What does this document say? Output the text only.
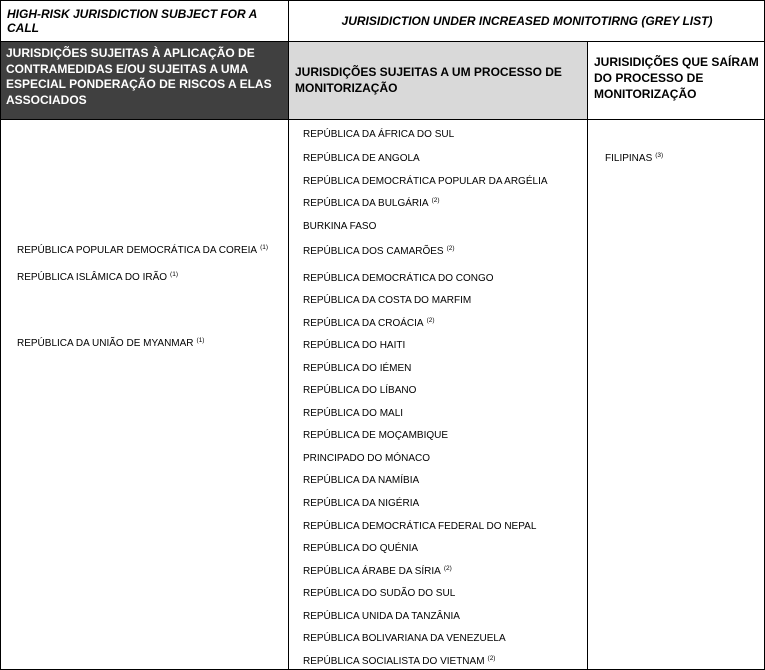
HIGH-RISK JURISDICTION SUBJECT FOR A CALL	JURISIDICTION UNDER INCREASED MONITOTIRNG (GREY LIST)
JURISDIÇÕES SUJEITAS À APLICAÇÃO DE CONTRAMEDIDAS E/OU SUJEITAS A UMA ESPECIAL PONDERAÇÃO DE RISCOS A ELAS ASSOCIADOS
JURISDIÇÕES SUJEITAS A UM PROCESSO DE MONITORIZAÇÃO
JURISIDIÇÕES QUE SAÍRAM DO PROCESSO DE MONITORIZAÇÃO
REPÚBLICA POPULAR DEMOCRÁTICA DA COREIA $^{(1)}$
REPÚBLICA ISLÂMICA DO IRÃO $^{(1)}$
REPÚBLICA DA UNIÃO DE MYANMAR $^{(1)}$
REPÚBLICA DA ÁFRICA DO SUL
REPÚBLICA DE ANGOLA
REPÚBLICA DEMOCRÁTICA POPULAR DA ARGÉLIA
REPÚBLICA DA BULGÁRIA $^{(2)}$
BURKINA FASO
REPÚBLICA DOS CAMARÕES $^{(2)}$
REPÚBLICA DEMOCRÁTICA DO CONGO
REPÚBLICA DA COSTA DO MARFIM
REPÚBLICA DA CROÁCIA $^{(2)}$
REPÚBLICA DO HAITI
REPÚBLICA DO IÉMEN
REPÚBLICA DO LÍBANO
REPÚBLICA DO MALI
REPÚBLICA DE MOÇAMBIQUE
PRINCIPADO DO MÓNACO
REPÚBLICA DA NAMÍBIA
REPÚBLICA DA NIGÉRIA
REPÚBLICA DEMOCRÁTICA FEDERAL DO NEPAL
REPÚBLICA DO QUÉNIA
REPÚBLICA ÁRABE DA SÍRIA $^{(2)}$
REPÚBLICA DO SUDÃO DO SUL
REPÚBLICA UNIDA DA TANZÂNIA
REPÚBLICA BOLIVARIANA DA VENEZUELA
REPÚBLICA SOCIALISTA DO VIETNAM $^{(2)}$
FILIPINAS $^{(3)}$
